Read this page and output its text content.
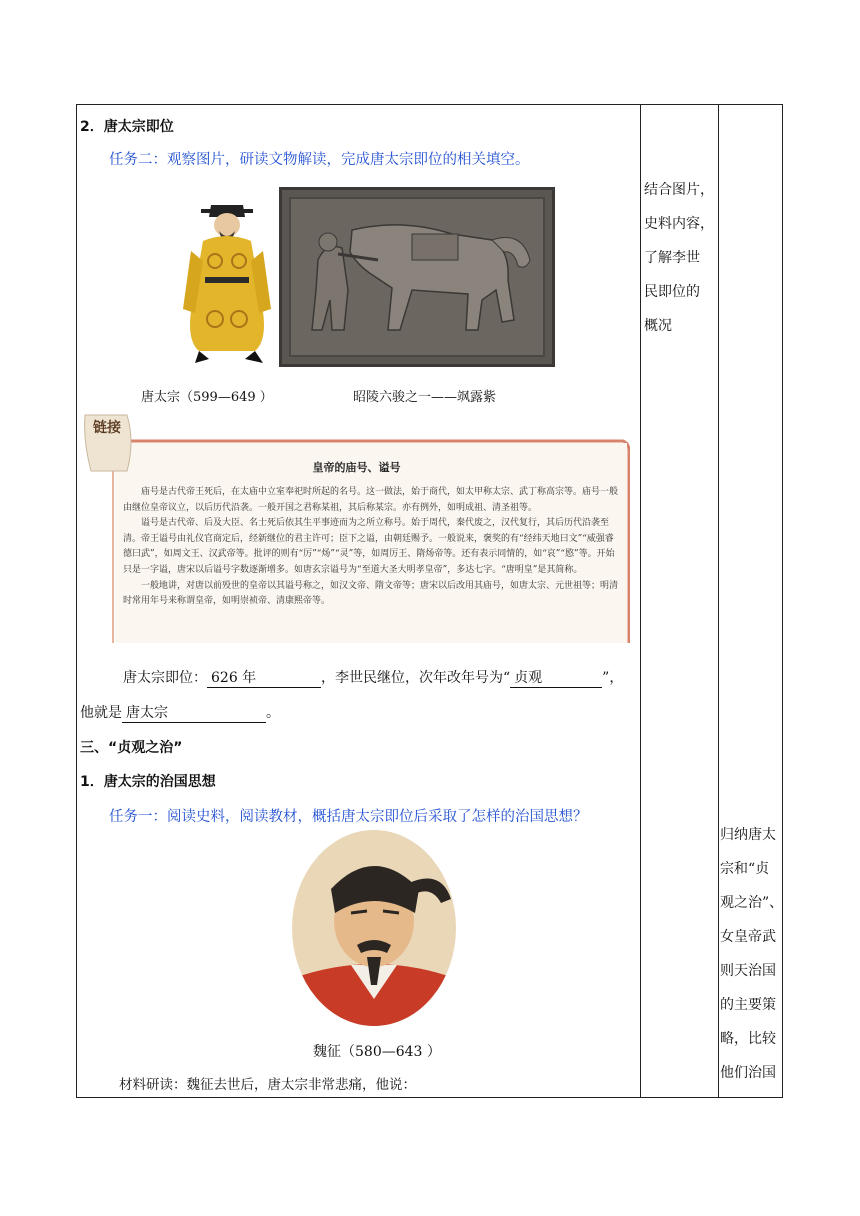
2．唐太宗即位
任务二：观察图片，研读文物解读，完成唐太宗即位的相关填空。
唐太宗（599—649 ）	昭陵六骏之一——飒露紫
链接
皇帝的庙号、谥号

庙号是古代帝王死后，在太庙中立室奉祀时所起的名号。这一做法，始于商代，如太甲称太宗、武丁称高宗等。庙号一般由继位皇帝议立，以后历代沿袭。一般开国之君称某祖，其后称某宗。亦有例外，如明成祖、清圣祖等。

谥号是古代帝、后及大臣、名士死后依其生平事迹而为之所立称号。始于周代，秦代废之，汉代复行，其后历代沿袭至清。帝王谥号由礼仪官商定后，经新继位的君主许可；臣下之谥，由朝廷赐予。一般说来，褒奖的有“经纬天地曰文”“威强睿德曰武”，如周文王、汉武帝等。批评的则有“厉”“炀”“灵”等，如周厉王、隋炀帝等。还有表示同情的，如“哀”“愍”等。开始只是一字谥，唐宋以后谥号字数逐渐增多。如唐玄宗谥号为“至道大圣大明孝皇帝”，多达七字。“唐明皇”是其简称。

一般地讲，对唐以前殁世的皇帝以其谥号称之，如汉文帝、隋文帝等；唐宋以后改用其庙号，如唐太宗、元世祖等；明清时常用年号来称谓皇帝，如明崇祯帝、清康熙帝等。

唐太宗即位： 626 年	，李世民继位，次年改年号为“ 贞观	”，
他就是 唐太宗	。
三、“贞观之治”
1．唐太宗的治国思想
任务一：阅读史料，阅读教材，概括唐太宗即位后采取了怎样的治国思想？
魏征（580—643 ）
材料研读：魏征去世后，唐太宗非常悲痛，他说：
结合图片，
史料内容，
了解李世
民即位的
概况
归纳唐太
宗和“贞
观之治”、
女皇帝武
则天治国
的主要策
略，比较
他们治国
